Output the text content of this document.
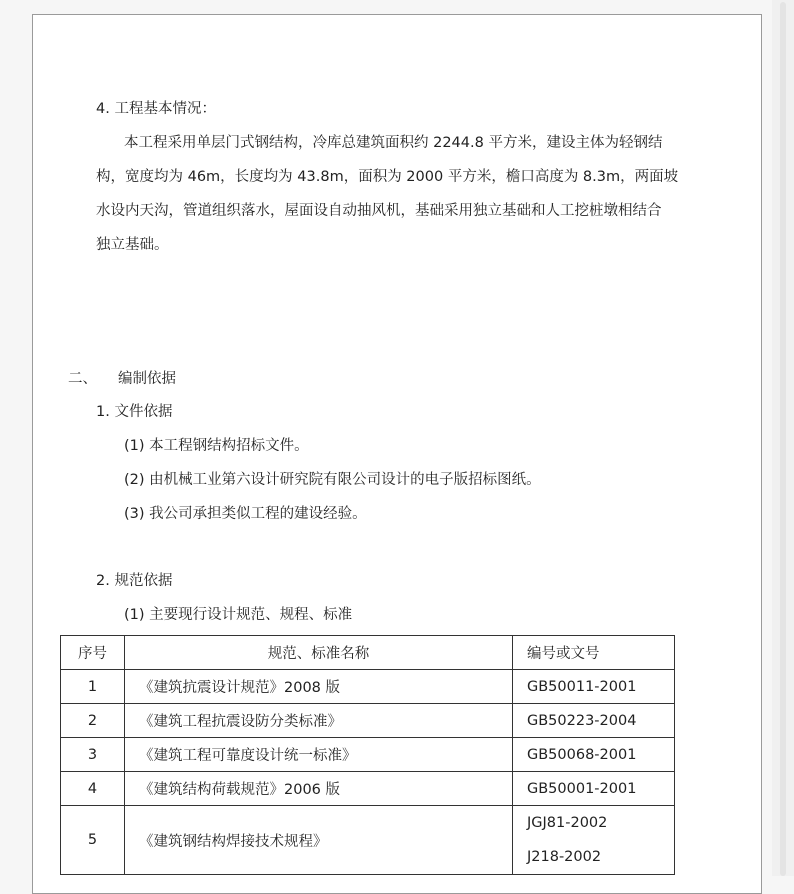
4. 工程基本情况：
本工程采用单层门式钢结构，冷库总建筑面积约 2244.8 平方米，建设主体为轻钢结
构，宽度均为 46m，长度均为 43.8m，面积为 2000 平方米，檐口高度为 8.3m，两面坡
水设内天沟，管道组织落水，屋面设自动抽风机，基础采用独立基础和人工挖桩墩相结合
独立基础。
二、 编制依据
1. 文件依据
(1) 本工程钢结构招标文件。
(2) 由机械工业第六设计研究院有限公司设计的电子版招标图纸。
(3) 我公司承担类似工程的建设经验。
2. 规范依据
(1) 主要现行设计规范、规程、标准
序号	规范、标准名称	编号或文号
1	《建筑抗震设计规范》2008 版	GB50011-2001
2	《建筑工程抗震设防分类标准》	GB50223-2004
3	《建筑工程可靠度设计统一标准》	GB50068-2001
4	《建筑结构荷载规范》2006 版	GB50001-2001
5	《建筑钢结构焊接技术规程》	JGJ81-2002
J218-2002
